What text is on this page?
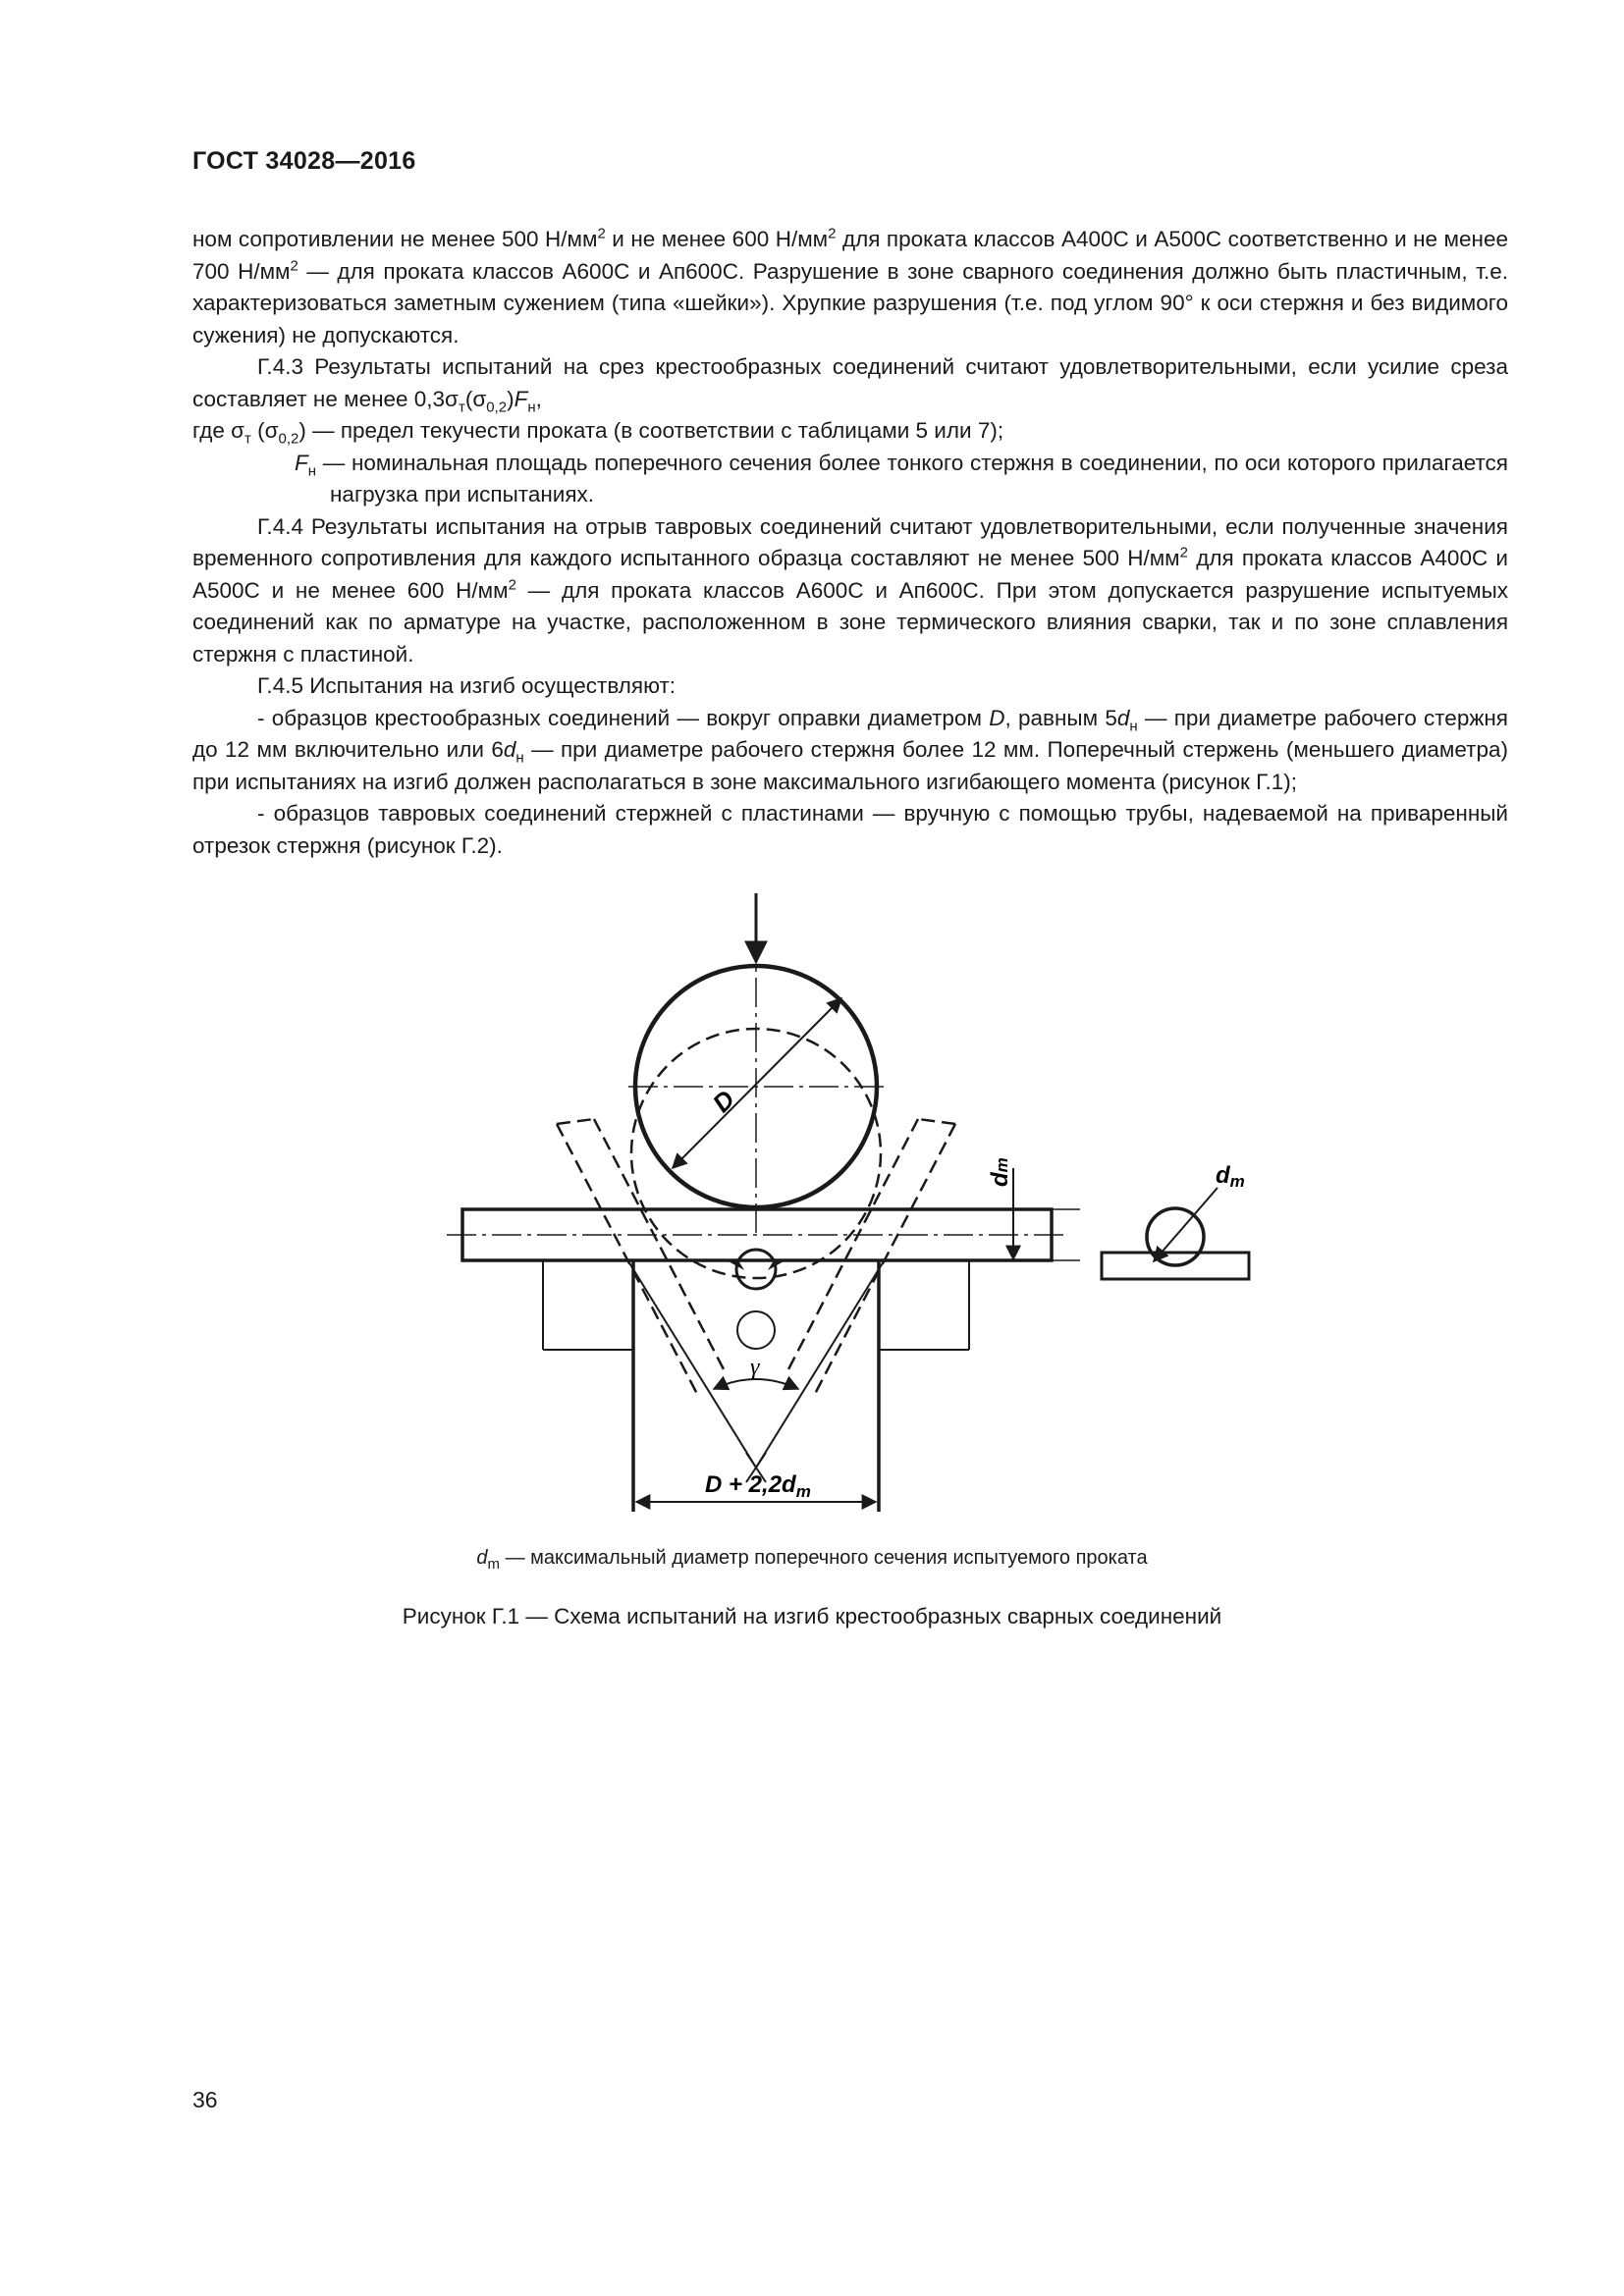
ГОСТ 34028—2016

ном сопротивлении не менее 500 $Н/мм^2$ и не менее 600 $Н/мм^2$ для проката классов А400С и А500С соответственно и не менее 700 $Н/мм^2$ — для проката классов А600С и Ап600С. Разрушение в зоне сварного соединения должно быть пластичным, т.е. характеризоваться заметным сужением (типа «шейки»). Хрупкие разрушения (т.е. под углом 90° к оси стержня и без видимого сужения) не допускаются.

Г.4.3 Результаты испытаний на срез крестообразных соединений считают удовлетворительными, если усилие среза составляет не менее $0,3\sigma_т(\sigma_{0,2})F_н$,

где $\sigma_т$ $(\sigma_{0,2})$ — предел текучести проката (в соответствии с таблицами 5 или 7);

$F_н$ — номинальная площадь поперечного сечения более тонкого стержня в соединении, по оси которого прилагается нагрузка при испытаниях.

Г.4.4 Результаты испытания на отрыв тавровых соединений считают удовлетворительными, если полученные значения временного сопротивления для каждого испытанного образца составляют не менее 500 $Н/мм^2$ для проката классов А400С и А500С и не менее 600 $Н/мм^2$ — для проката классов А600С и Ап600С. При этом допускается разрушение испытуемых соединений как по арматуре на участке, расположенном в зоне термического влияния сварки, так и по зоне сплавления стержня с пластиной.

Г.4.5 Испытания на изгиб осуществляют:

- образцов крестообразных соединений — вокруг оправки диаметром D, равным $5d_н$ — при диаметре рабочего стержня до 12 мм включительно или $6d_н$ — при диаметре рабочего стержня более 12 мм. Поперечный стержень (меньшего диаметра) при испытаниях на изгиб должен располагаться в зоне максимального изгибающего момента (рисунок Г.1);

- образцов тавровых соединений стержней с пластинами — вручную с помощью трубы, надеваемой на приваренный отрезок стержня (рисунок Г.2).

D
dm	dm
γ
$D + 2,2d_m$
$d_m$ — максимальный диаметр поперечного сечения испытуемого проката
Рисунок Г.1 — Схема испытаний на изгиб крестообразных сварных соединений
36
